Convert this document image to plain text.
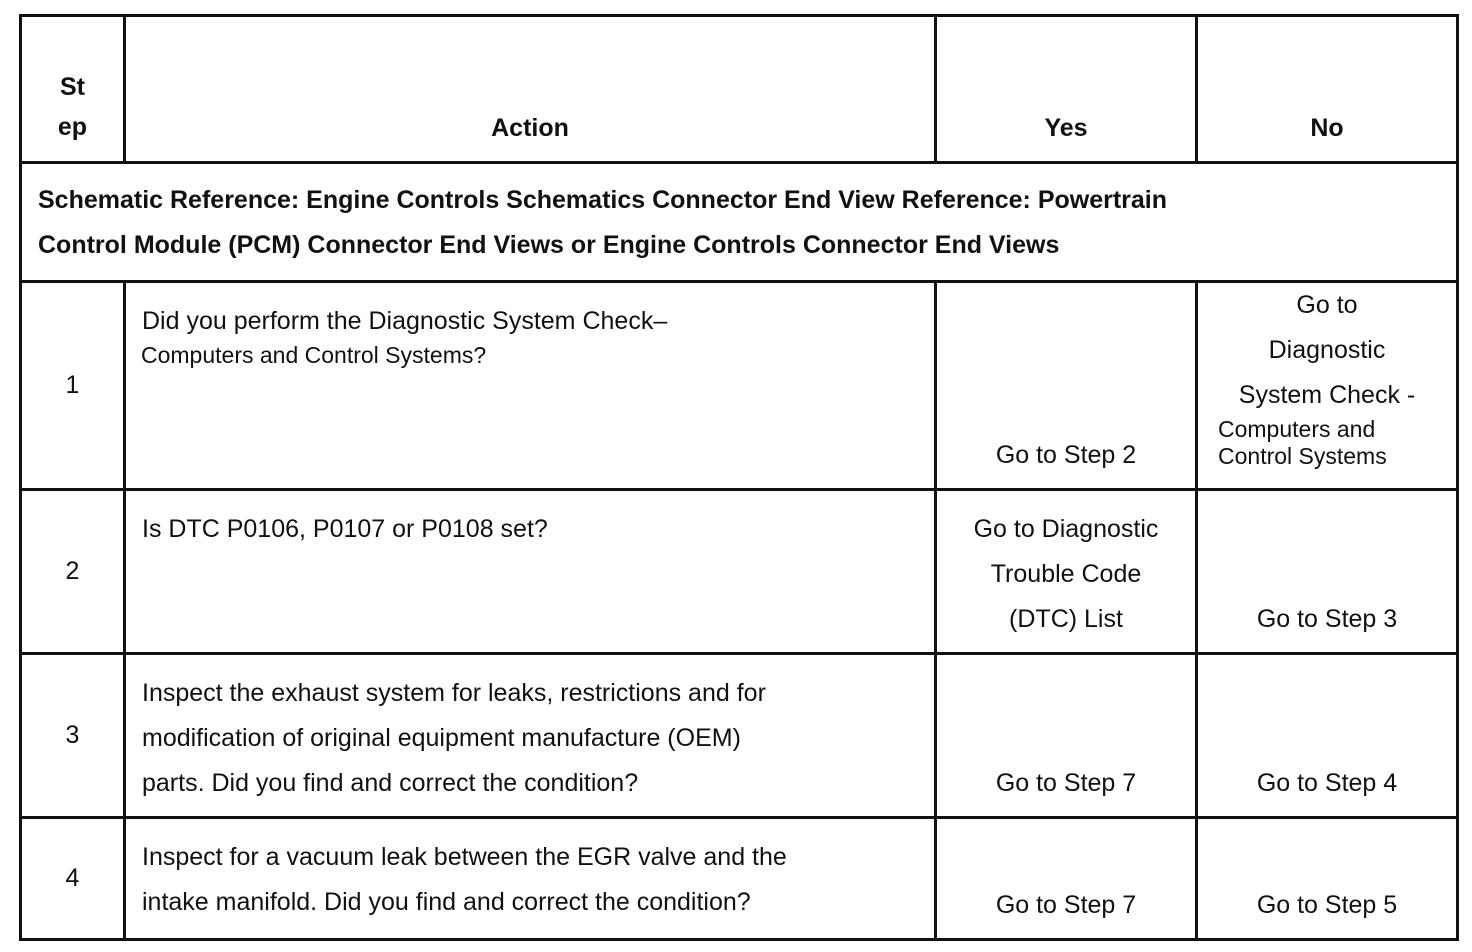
St
ep	Action	Yes	No

Schematic Reference: Engine Controls Schematics Connector End View Reference: Powertrain
Control Module (PCM) Connector End Views or Engine Controls Connector End Views			
1	Did you perform the Diagnostic System Check–
Computers and Control Systems?	Go to Step 2	Go to
Diagnostic
System Check -
Computers and
Control Systems

2	Is DTC P0106, P0107 or P0108 set?	Go to Diagnostic
Trouble Code
(DTC) List	Go to Step 3

3	Inspect the exhaust system for leaks, restrictions and for
modification of original equipment manufacture (OEM)
parts. Did you find and correct the condition?	Go to Step 7	Go to Step 4

4	Inspect for a vacuum leak between the EGR valve and the
intake manifold. Did you find and correct the condition?	Go to Step 7	Go to Step 5
